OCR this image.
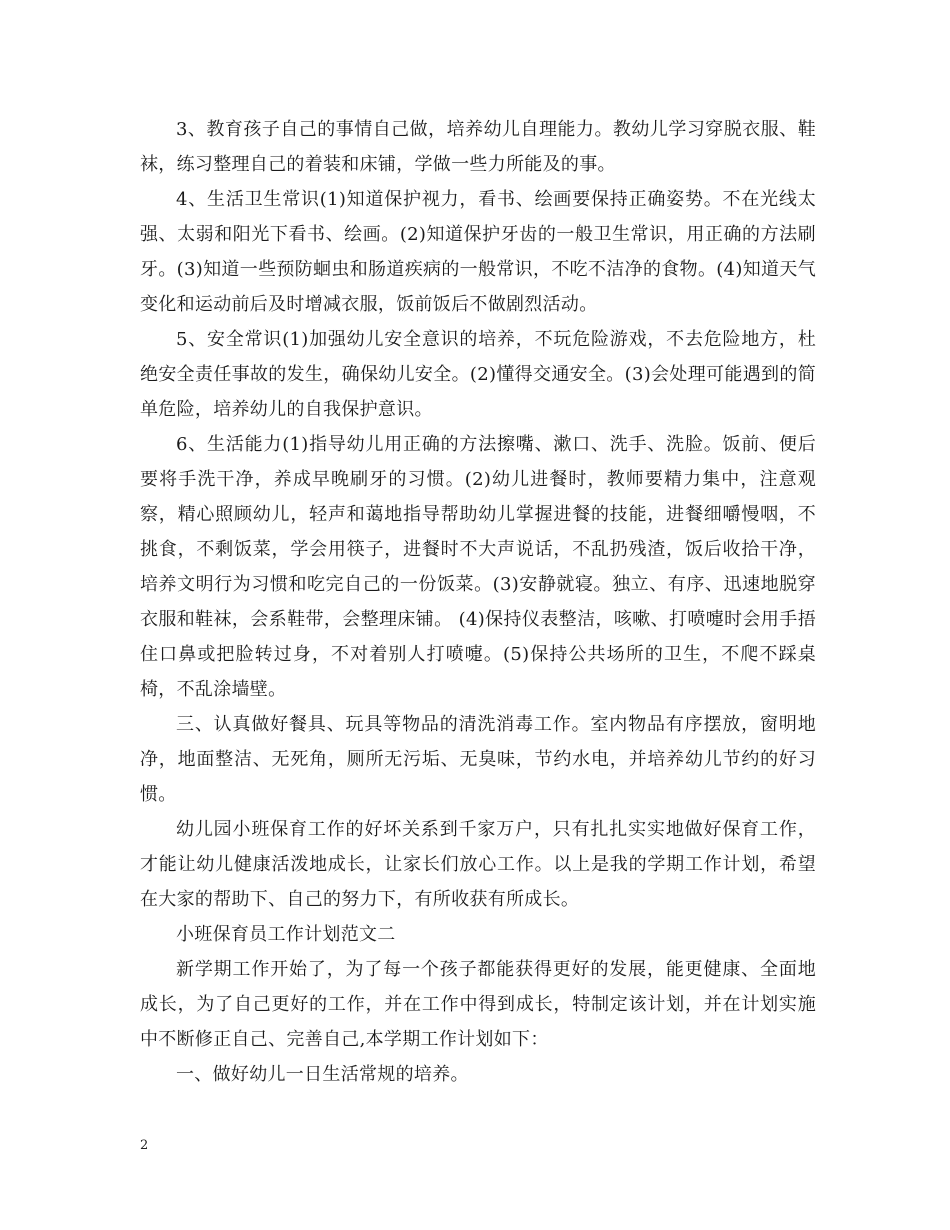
3、教育孩子自己的事情自己做，培养幼儿自理能力。教幼儿学习穿脱衣服、鞋袜，练习整理自己的着装和床铺，学做一些力所能及的事。

4、生活卫生常识(1)知道保护视力，看书、绘画要保持正确姿势。不在光线太强、太弱和阳光下看书、绘画。(2)知道保护牙齿的一般卫生常识，用正确的方法刷牙。(3)知道一些预防蛔虫和肠道疾病的一般常识，不吃不洁净的食物。(4)知道天气变化和运动前后及时增减衣服，饭前饭后不做剧烈活动。

5、安全常识(1)加强幼儿安全意识的培养，不玩危险游戏，不去危险地方，杜绝安全责任事故的发生，确保幼儿安全。(2)懂得交通安全。(3)会处理可能遇到的简单危险，培养幼儿的自我保护意识。

6、生活能力(1)指导幼儿用正确的方法擦嘴、漱口、洗手、洗脸。饭前、便后要将手洗干净，养成早晚刷牙的习惯。(2)幼儿进餐时，教师要精力集中，注意观察，精心照顾幼儿，轻声和蔼地指导帮助幼儿掌握进餐的技能，进餐细嚼慢咽，不挑食，不剩饭菜，学会用筷子，进餐时不大声说话，不乱扔残渣，饭后收拾干净，培养文明行为习惯和吃完自己的一份饭菜。(3)安静就寝。独立、有序、迅速地脱穿衣服和鞋袜，会系鞋带，会整理床铺。 (4)保持仪表整洁，咳嗽、打喷嚏时会用手捂住口鼻或把脸转过身，不对着别人打喷嚏。(5)保持公共场所的卫生，不爬不踩桌椅，不乱涂墙壁。

三、认真做好餐具、玩具等物品的清洗消毒工作。室内物品有序摆放，窗明地净，地面整洁、无死角，厕所无污垢、无臭味，节约水电，并培养幼儿节约的好习惯。

幼儿园小班保育工作的好坏关系到千家万户，只有扎扎实实地做好保育工作，才能让幼儿健康活泼地成长，让家长们放心工作。以上是我的学期工作计划，希望在大家的帮助下、自己的努力下，有所收获有所成长。

小班保育员工作计划范文二

新学期工作开始了，为了每一个孩子都能获得更好的发展，能更健康、全面地成长，为了自己更好的工作，并在工作中得到成长，特制定该计划，并在计划实施中不断修正自己、完善自己,本学期工作计划如下：

一、做好幼儿一日生活常规的培养。

2
